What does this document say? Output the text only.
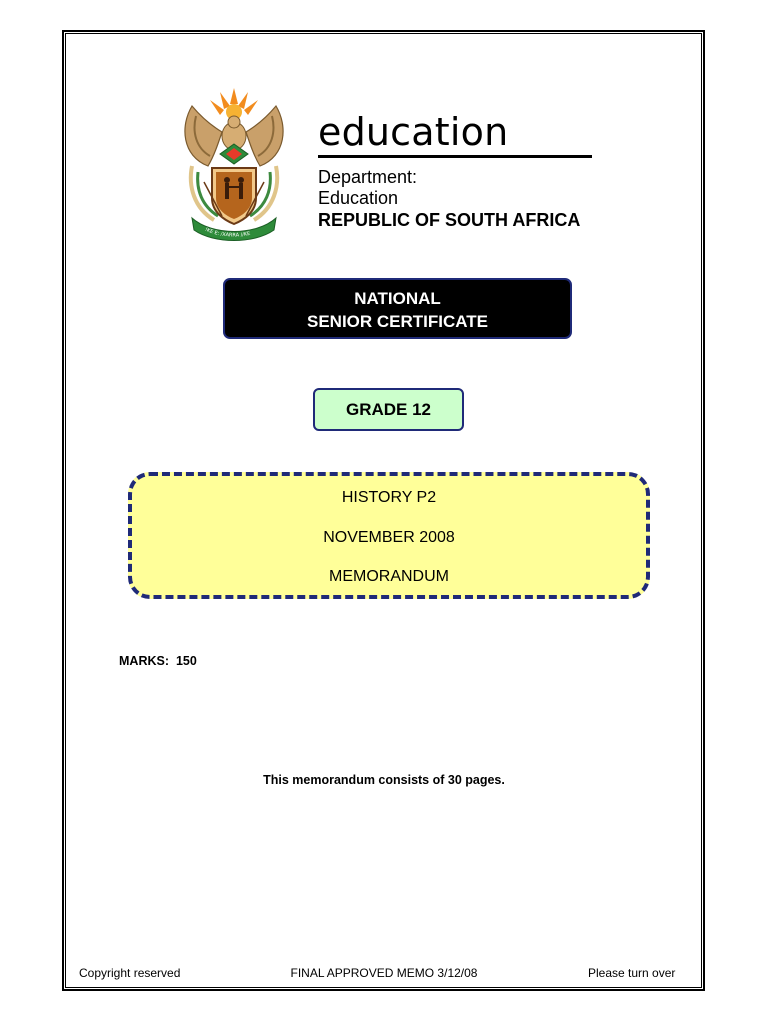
!KE E: /XARRA //KE
education
Department:
Education
REPUBLIC OF SOUTH AFRICA
NATIONAL
SENIOR CERTIFICATE
GRADE 12
HISTORY P2
NOVEMBER 2008
MEMORANDUM
MARKS:  150
This memorandum consists of 30 pages.
Copyright reserved	FINAL APPROVED MEMO 3/12/08	Please turn over
